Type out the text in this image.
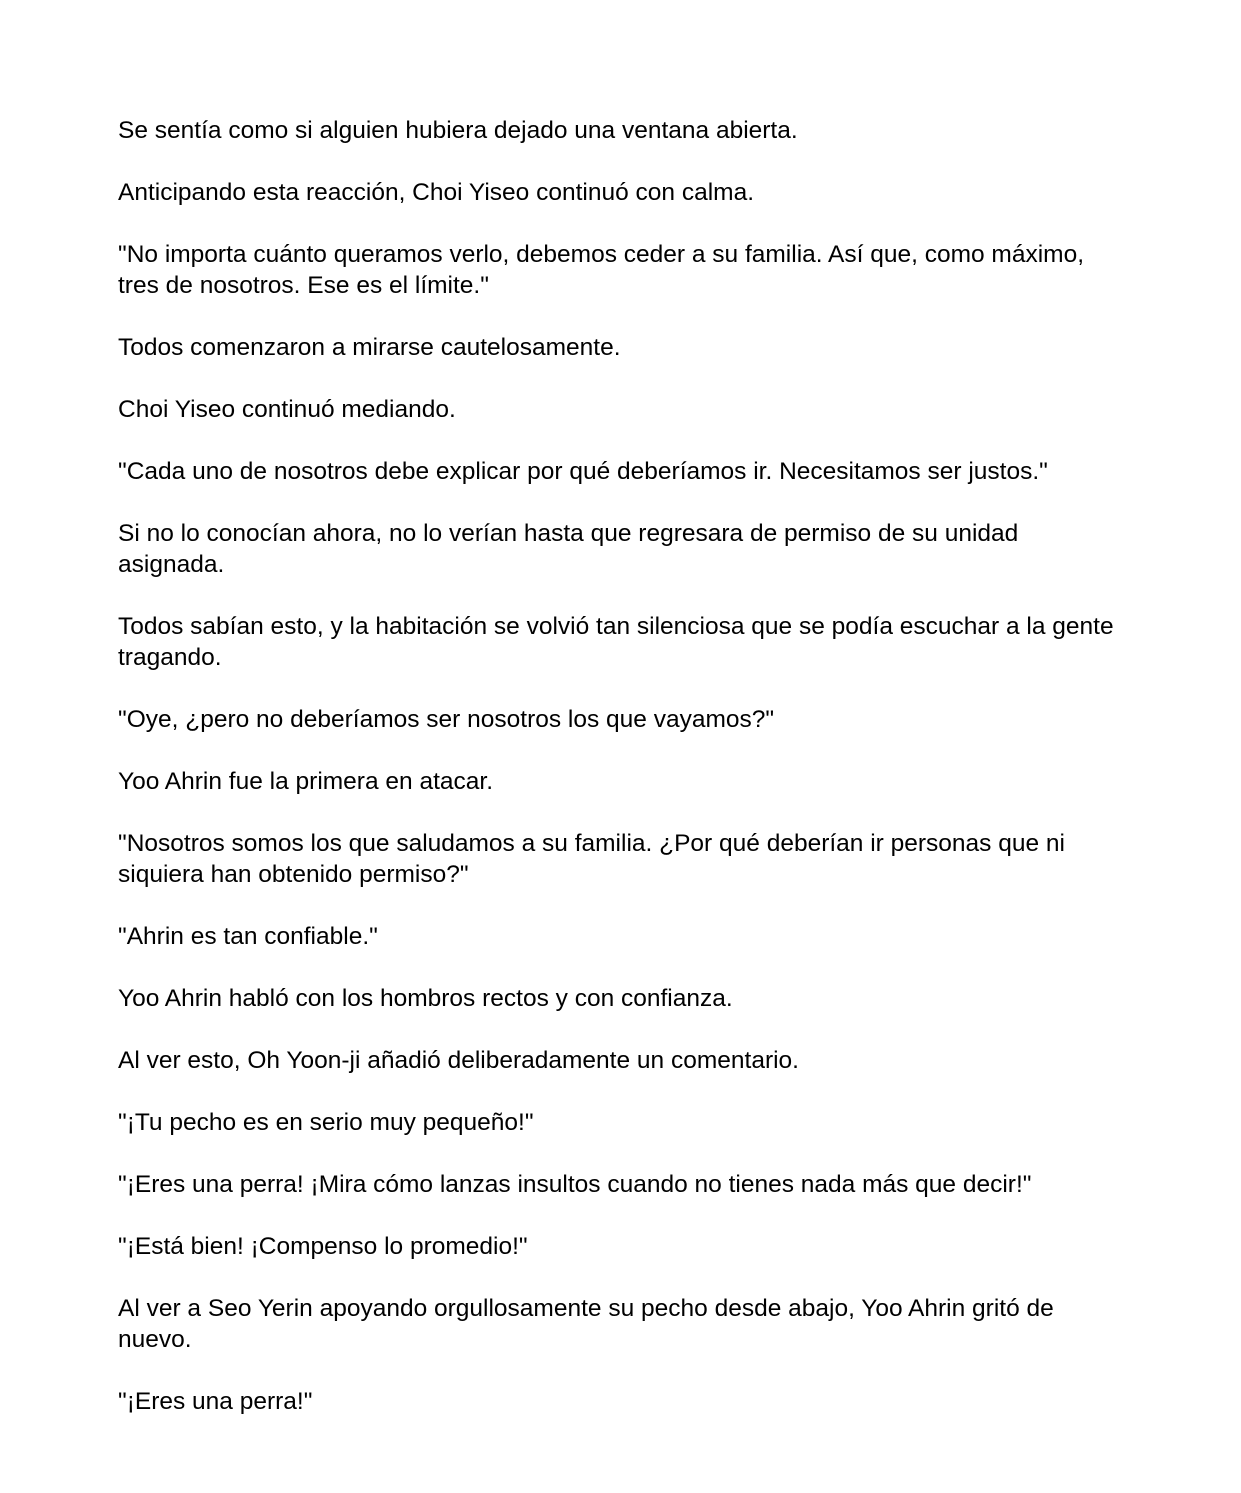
Se sentía como si alguien hubiera dejado una ventana abierta.

Anticipando esta reacción, Choi Yiseo continuó con calma.

"No importa cuánto queramos verlo, debemos ceder a su familia. Así que, como máximo, tres de nosotros. Ese es el límite."

Todos comenzaron a mirarse cautelosamente.

Choi Yiseo continuó mediando.

"Cada uno de nosotros debe explicar por qué deberíamos ir. Necesitamos ser justos."

Si no lo conocían ahora, no lo verían hasta que regresara de permiso de su unidad asignada.

Todos sabían esto, y la habitación se volvió tan silenciosa que se podía escuchar a la gente tragando.

"Oye, ¿pero no deberíamos ser nosotros los que vayamos?"

Yoo Ahrin fue la primera en atacar.

"Nosotros somos los que saludamos a su familia. ¿Por qué deberían ir personas que ni siquiera han obtenido permiso?"

"Ahrin es tan confiable."

Yoo Ahrin habló con los hombros rectos y con confianza.

Al ver esto, Oh Yoon-ji añadió deliberadamente un comentario.

"¡Tu pecho es en serio muy pequeño!"

"¡Eres una perra! ¡Mira cómo lanzas insultos cuando no tienes nada más que decir!"

"¡Está bien! ¡Compenso lo promedio!"

Al ver a Seo Yerin apoyando orgullosamente su pecho desde abajo, Yoo Ahrin gritó de nuevo.

"¡Eres una perra!"
